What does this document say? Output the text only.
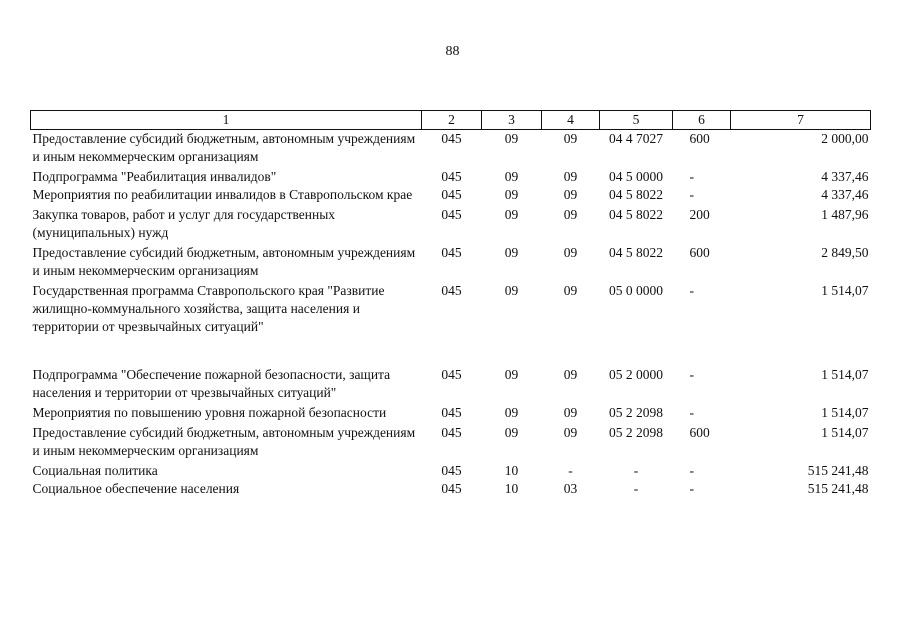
88
1	2	3	4	5	6	7
Предоставление субсидий бюджетным, автономным учреждениям и иным некоммерческим организациям	045	09	09	04 4 7027	600	2 000,00
Подпрограмма "Реабилитация инвалидов"	045	09	09	04 5 0000	-	4 337,46
Мероприятия по реабилитации инвалидов в Ставропольском крае	045	09	09	04 5 8022	-	4 337,46
Закупка товаров, работ и услуг для государственных (муниципальных) нужд	045	09	09	04 5 8022	200	1 487,96
Предоставление субсидий бюджетным, автономным учреждениям и иным некоммерческим организациям	045	09	09	04 5 8022	600	2 849,50
Государственная программа Ставропольского края "Развитие жилищно-коммунального хозяйства, защита населения и территории от чрезвычайных ситуаций"	045	09	09	05 0 0000	-	1 514,07
Подпрограмма "Обеспечение пожарной безопасности, защита населения и территории от чрезвычайных ситуаций"	045	09	09	05 2 0000	-	1 514,07
Мероприятия по повышению уровня пожарной безопасности	045	09	09	05 2 2098	-	1 514,07
Предоставление субсидий бюджетным, автономным учреждениям и иным некоммерческим организациям	045	09	09	05 2 2098	600	1 514,07
Социальная политика	045	10	-	-	-	515 241,48
Социальное обеспечение населения	045	10	03	-	-	515 241,48
